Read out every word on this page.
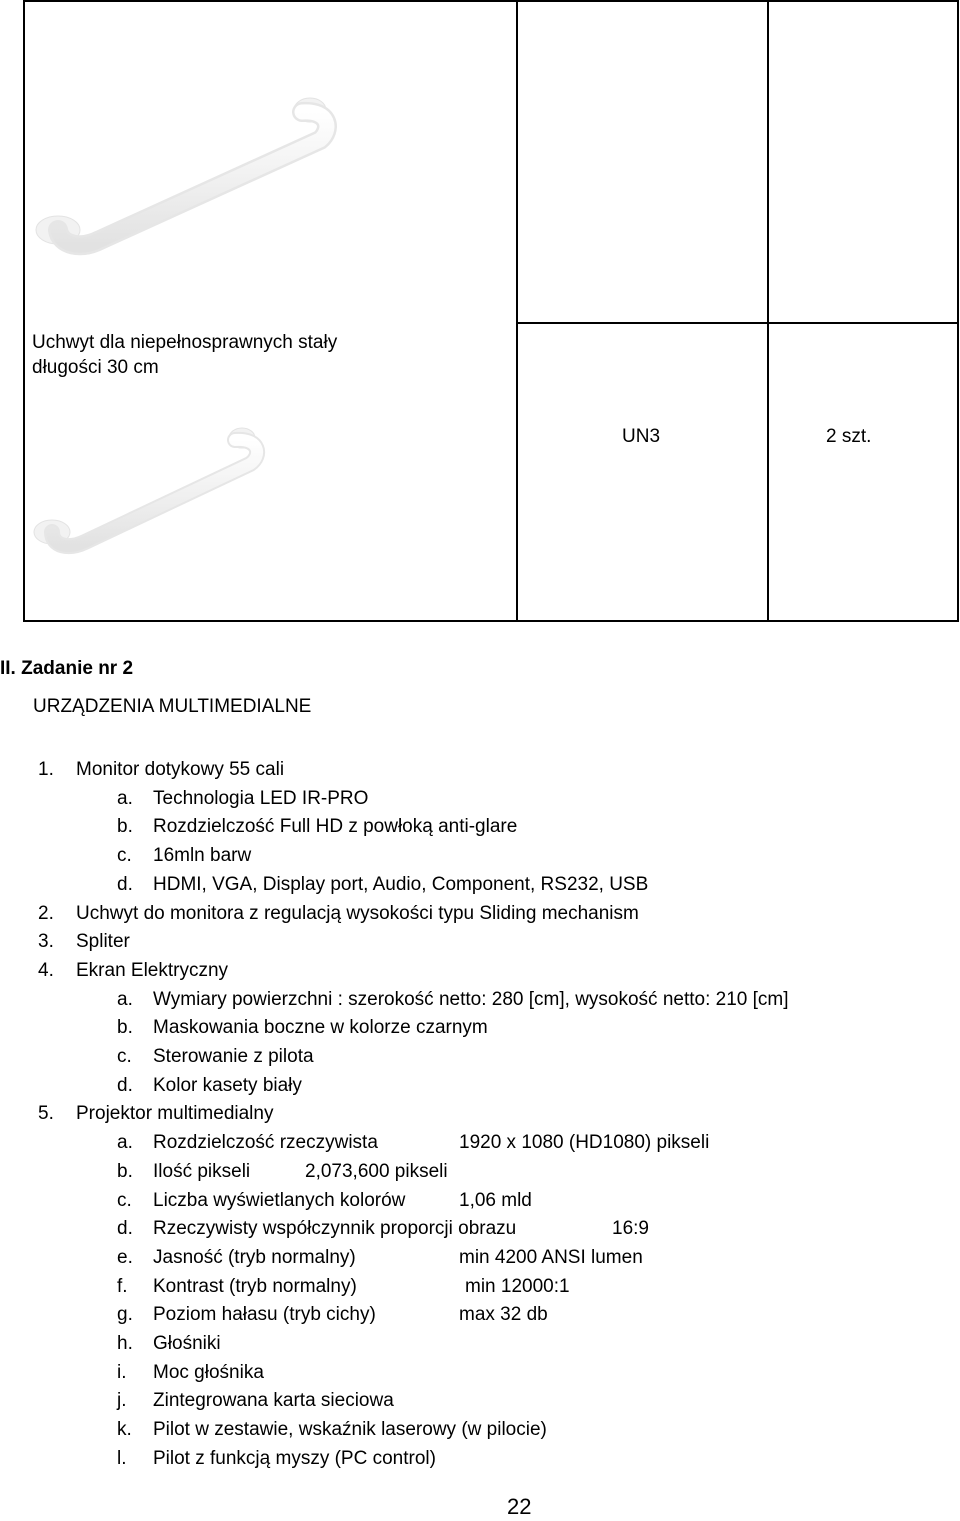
Uchwyt dla niepełnosprawnych stały
długości 30 cm
UN3	2 szt.
II. Zadanie nr 2
URZĄDZENIA MULTIMEDIALNE
1. Monitor dotykowy 55 cali
a. Technologia LED IR-PRO
b. Rozdzielczość Full HD z powłoką anti-glare
c. 16mln barw
d. HDMI, VGA, Display port, Audio, Component, RS232, USB
2. Uchwyt do monitora z regulacją wysokości typu Sliding mechanism
3. Spliter
4. Ekran Elektryczny
a. Wymiary powierzchni : szerokość netto: 280 [cm], wysokość netto: 210 [cm]
b. Maskowania boczne w kolorze czarnym
c. Sterowanie z pilota
d. Kolor kasety biały
5. Projektor multimedialny
a. Rozdzielczość rzeczywista	1920 x 1080 (HD1080) pikseli
b. Ilość pikseli	2,073,600 pikseli
c. Liczba wyświetlanych kolorów	1,06 mld
d. Rzeczywisty współczynnik proporcji obrazu	16:9
e. Jasność (tryb normalny)	min 4200 ANSI lumen
f. Kontrast (tryb normalny)	min 12000:1
g. Poziom hałasu (tryb cichy)	max 32 db
h. Głośniki
i. Moc głośnika
j. Zintegrowana karta sieciowa
k. Pilot w zestawie, wskaźnik laserowy (w pilocie)
l. Pilot z funkcją myszy (PC control)
22
